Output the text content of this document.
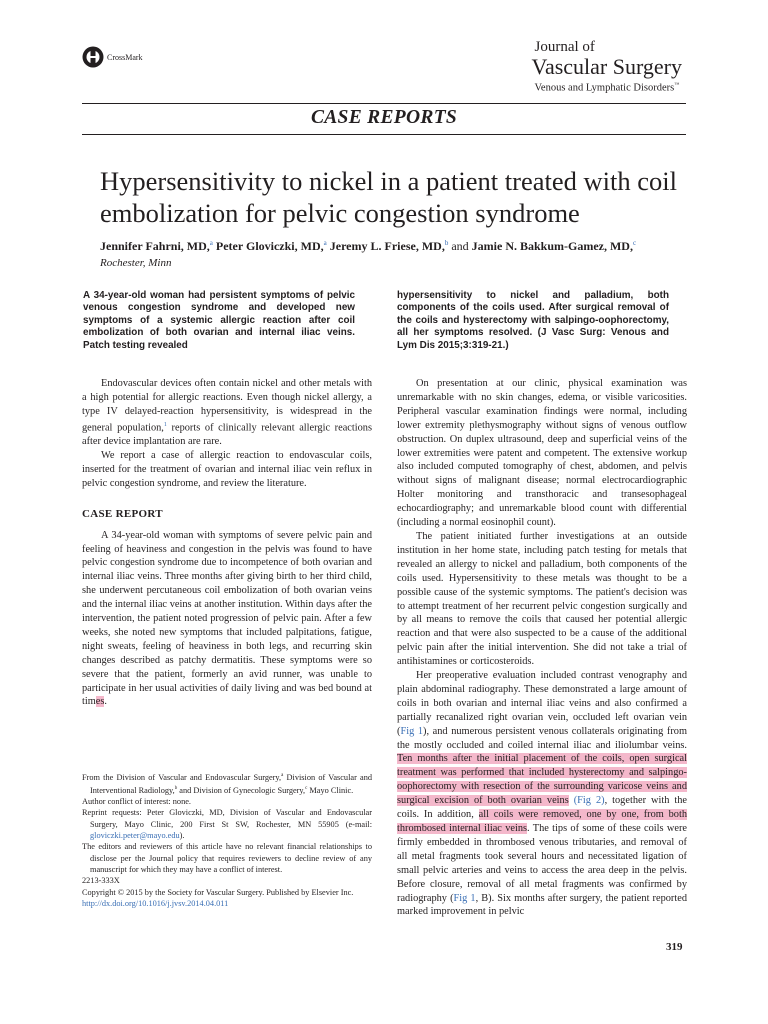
CrossMark
Journal of
Vascular Surgery
Venous and Lymphatic Disorders™
CASE REPORTS
Hypersensitivity to nickel in a patient treated with coil embolization for pelvic congestion syndrome
Jennifer Fahrni, MD,$^a$ Peter Gloviczki, MD,$^a$ Jeremy L. Friese, MD,$^b$ and Jamie N. Bakkum-Gamez, MD,$^c$
Rochester, Minn
A 34-year-old woman had persistent symptoms of pelvic venous congestion syndrome and developed new symptoms of a systemic allergic reaction after coil embolization of both ovarian and internal iliac veins. Patch testing revealed
hypersensitivity to nickel and palladium, both components of the coils used. After surgical removal of the coils and hysterectomy with salpingo-oophorectomy, all her symptoms resolved. (J Vasc Surg: Venous and Lym Dis 2015;3:319-21.)

Endovascular devices often contain nickel and other metals with a high potential for allergic reactions. Even though nickel allergy, a type IV delayed-reaction hypersensitivity, is widespread in the general population,$^1$ reports of clinically relevant allergic reactions after device implantation are rare.

We report a case of allergic reaction to endovascular coils, inserted for the treatment of ovarian and internal iliac vein reflux in pelvic congestion syndrome, and review the literature.

CASE REPORT

A 34-year-old woman with symptoms of severe pelvic pain and feeling of heaviness and congestion in the pelvis was found to have pelvic congestion syndrome due to incompetence of both ovarian and internal iliac veins. Three months after giving birth to her third child, she underwent percutaneous coil embolization of both ovarian veins and the internal iliac veins at another institution. Within days after the intervention, the patient noted progression of pelvic pain. After a few weeks, she noted new symptoms that included palpitations, fatigue, night sweats, feeling of heaviness in both legs, and recurring skin changes described as patchy dermatitis. These symptoms were so severe that the patient, formerly an avid runner, was unable to participate in her usual activities of daily living and was bed bound at times.

On presentation at our clinic, physical examination was unremarkable with no skin changes, edema, or visible varicosities. Peripheral vascular examination findings were normal, including lower extremity plethysmography without signs of venous outflow obstruction. On duplex ultrasound, deep and superficial veins of the lower extremities were patent and competent. The extensive workup also included computed tomography of chest, abdomen, and pelvis without signs of malignant disease; normal electrocardiographic Holter monitoring and transthoracic and transesophageal echocardiography; and unremarkable blood count with differential (including a normal eosinophil count).

The patient initiated further investigations at an outside institution in her home state, including patch testing for metals that revealed an allergy to nickel and palladium, both components of the coils used. Hypersensitivity to these metals was thought to be a possible cause of the systemic symptoms. The patient's decision was to attempt treatment of her recurrent pelvic congestion surgically and by all means to remove the coils that caused her potential allergic reaction and that were also suspected to be a cause of the additional pelvic pain after the initial intervention. She did not take a trial of antihistamines or corticosteroids.

Her preoperative evaluation included contrast venography and plain abdominal radiography. These demonstrated a large amount of coils in both ovarian and internal iliac veins and also confirmed a partially recanalized right ovarian vein, occluded left ovarian vein (Fig 1), and numerous persistent venous collaterals originating from the mostly occluded and coiled internal iliac and iliolumbar veins. Ten months after the initial placement of the coils, open surgical treatment was performed that included hysterectomy and salpingo-oophorectomy with resection of the surrounding varicose veins and surgical excision of both ovarian veins (Fig 2), together with the coils. In addition, all coils were removed, one by one, from both thrombosed internal iliac veins. The tips of some of these coils were firmly embedded in thrombosed venous tributaries, and removal of all metal fragments took several hours and necessitated ligation of small pelvic arteries and veins to access the area deep in the pelvis. Before closure, removal of all metal fragments was confirmed by radiography (Fig 1, B). Six months after surgery, the patient reported marked improvement in pelvic

From the Division of Vascular and Endovascular Surgery,$^a$ Division of Vascular and Interventional Radiology,$^b$ and Division of Gynecologic Surgery,$^c$ Mayo Clinic.
Author conflict of interest: none.
Reprint requests: Peter Gloviczki, MD, Division of Vascular and Endovascular Surgery, Mayo Clinic, 200 First St SW, Rochester, MN 55905 (e-mail: gloviczki.peter@mayo.edu).
The editors and reviewers of this article have no relevant financial relationships to disclose per the Journal policy that requires reviewers to decline review of any manuscript for which they may have a conflict of interest.
2213-333X
Copyright © 2015 by the Society for Vascular Surgery. Published by Elsevier Inc.
http://dx.doi.org/10.1016/j.jvsv.2014.04.011
319
